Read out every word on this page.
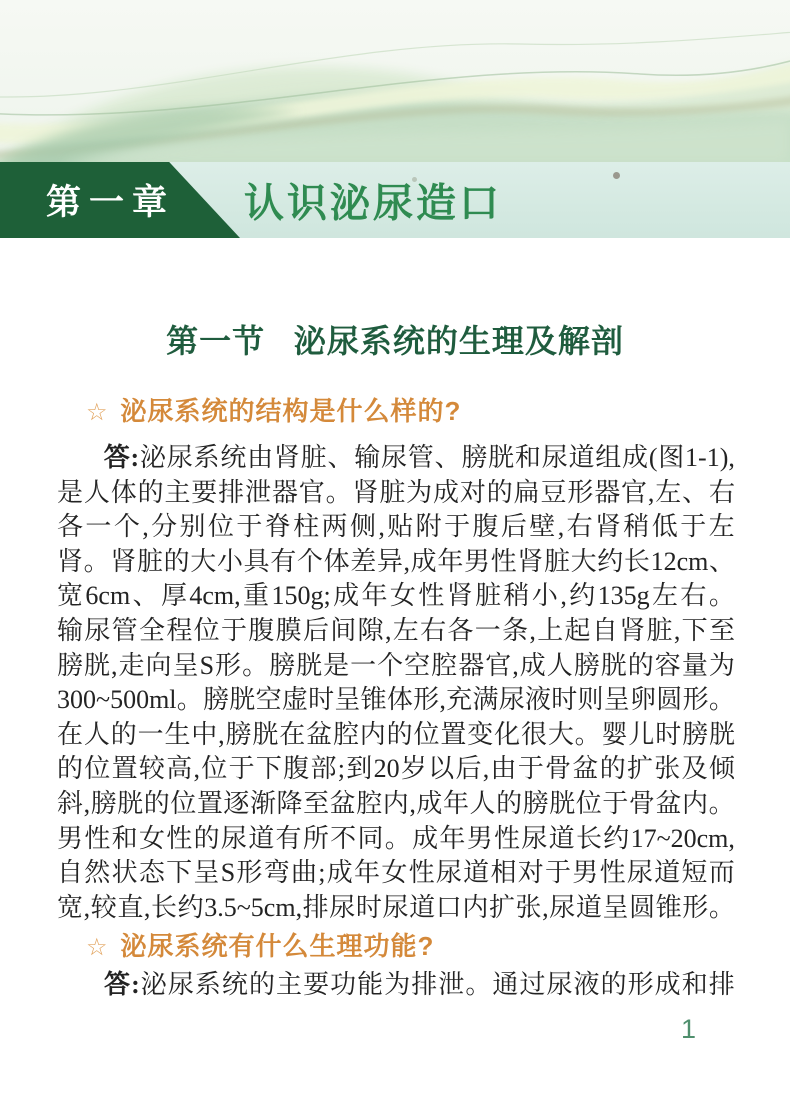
第一章 认识泌尿造口
第一节 泌尿系统的生理及解剖
☆ 泌尿系统的结构是什么样的?
答 : 泌 尿 系 统 由 肾 脏 、 输 尿 管 、 膀 胱 和 尿 道 组 成 ( 图 1-1),
是 人 体 的 主 要 排 泄 器 官 。 肾 脏 为 成 对 的 扁 豆 形 器 官 , 左 、 右
各 一 个 , 分 别 位 于 脊 柱 两 侧 , 贴 附 于 腹 后 壁 , 右 肾 稍 低 于 左
肾 。 肾 脏 的 大 小 具 有 个 体 差 异 , 成 年 男 性 肾 脏 大 约 长 12cm 、
宽 6cm 、 厚 4cm, 重 150g; 成 年 女 性 肾 脏 稍 小 , 约 135g 左 右 。
输 尿 管 全 程 位 于 腹 膜 后 间 隙 , 左 右 各 一 条 , 上 起 自 肾 脏 , 下 至
膀 胱 , 走 向 呈 S 形 。 膀 胱 是 一 个 空 腔 器 官 , 成 人 膀 胱 的 容 量 为
300~500ml 。 膀 胱 空 虚 时 呈 锥 体 形 , 充 满 尿 液 时 则 呈 卵 圆 形 。
在 人 的 一 生 中 , 膀 胱 在 盆 腔 内 的 位 置 变 化 很 大 。 婴 儿 时 膀 胱
的 位 置 较 高 , 位 于 下 腹 部 ; 到 20 岁 以 后 , 由 于 骨 盆 的 扩 张 及 倾
斜 , 膀 胱 的 位 置 逐 渐 降 至 盆 腔 内 , 成 年 人 的 膀 胱 位 于 骨 盆 内 。
男 性 和 女 性 的 尿 道 有 所 不 同 。 成 年 男 性 尿 道 长 约 17~20cm,
自 然 状 态 下 呈 S 形 弯 曲 ; 成 年 女 性 尿 道 相 对 于 男 性 尿 道 短 而
宽 , 较 直 , 长 约 3.5~5cm, 排 尿 时 尿 道 口 内 扩 张 , 尿 道 呈 圆 锥 形 。
☆ 泌尿系统有什么生理功能?
答 : 泌 尿 系 统 的 主 要 功 能 为 排 泄 。 通 过 尿 液 的 形 成 和 排
1
